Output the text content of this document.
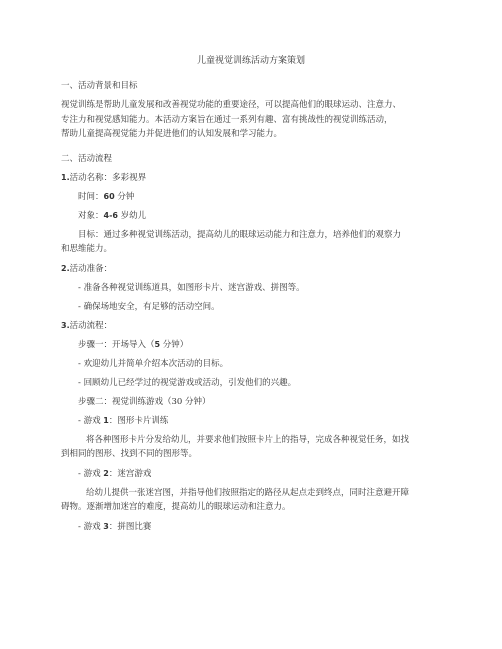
儿童视觉训练活动方案策划
一、活动背景和目标
视觉训练是帮助儿童发展和改善视觉功能的重要途径，可以提高他们的眼球运动、注意力、
专注力和视觉感知能力。本活动方案旨在通过一系列有趣、富有挑战性的视觉训练活动，
帮助儿童提高视觉能力并促进他们的认知发展和学习能力。
二、活动流程
1.活动名称：多彩视界
时间：60 分钟
对象：4-6 岁幼儿
目标：通过多种视觉训练活动，提高幼儿的眼球运动能力和注意力，培养他们的观察力
和思维能力。
2.活动准备：
- 准备各种视觉训练道具，如图形卡片、迷宫游戏、拼图等。
- 确保场地安全，有足够的活动空间。
3.活动流程：
步骤一：开场导入（5 分钟）
- 欢迎幼儿并简单介绍本次活动的目标。
- 回顾幼儿已经学过的视觉游戏或活动，引发他们的兴趣。
步骤二：视觉训练游戏（30 分钟）
- 游戏 1：图形卡片训练
将各种图形卡片分发给幼儿，并要求他们按照卡片上的指导，完成各种视觉任务，如找
到相同的图形、找到不同的图形等。
- 游戏 2：迷宫游戏
给幼儿提供一张迷宫图，并指导他们按照指定的路径从起点走到终点，同时注意避开障
碍物。逐渐增加迷宫的难度，提高幼儿的眼球运动和注意力。
- 游戏 3：拼图比赛
